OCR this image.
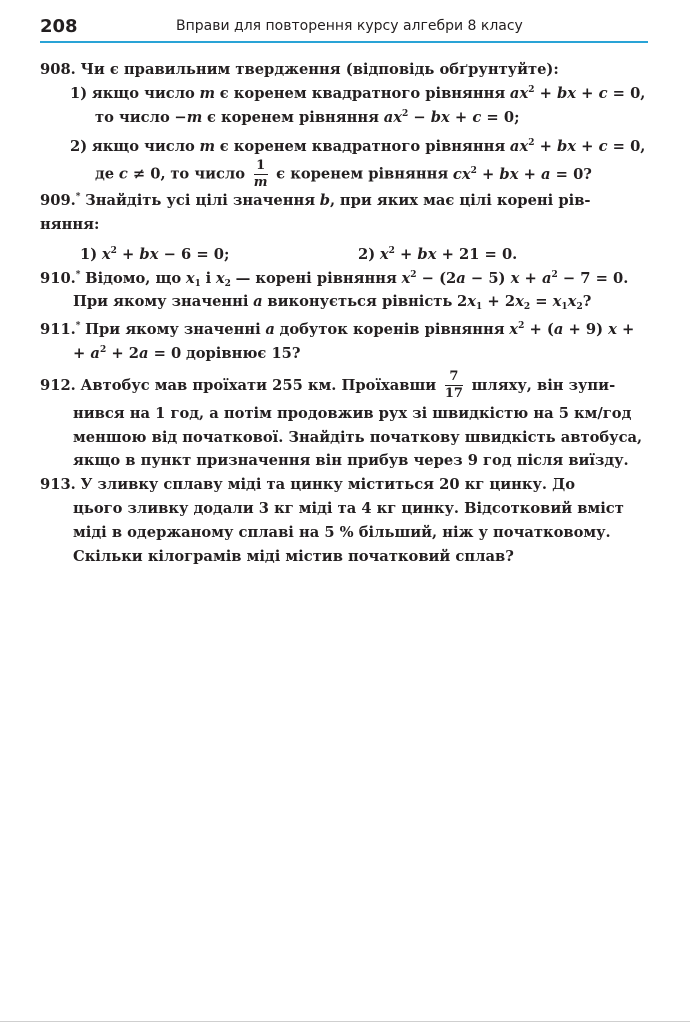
208	Вправи для повторення курсу алгебри 8 класу
908. Чи є правильним твердження (відповідь обґрунтуйте):
1) якщо число m є коренем квадратного рівняння $ax^2$ + bx + c = 0,
то число −m є коренем рівняння $ax^2$ − bx + c = 0;
2) якщо число m є коренем квадратного рівняння $ax^2$ + bx + c = 0,
де c ≠ 0, то число $\frac{1}{m}$ є коренем рівняння $cx^2$ + bx + a = 0?
909.* Знайдіть усі цілі значення b, при яких має цілі корені рів-
няння:
1) $x^2$ + bx − 6 = 0;	2) $x^2$ + bx + 21 = 0.
910.* Відомо, що $x_1$ і $x_2$ — корені рівняння $x^2 - (2a - 5) x + a^2 - 7 = 0$.
При якому значенні a виконується рівність $2x_1 + 2x_2 = x_1x_2$?
911.* При якому значенні a добуток коренів рівняння $x^2 + (a + 9) x$ +
+ $a^2 + 2a = 0$ дорівнює 15?
912. Автобус мав проїхати 255 км. Проїхавши $\frac{7}{17}$ шляху, він зупи-
нився на 1 год, а потім продовжив рух зі швидкістю на 5 км/год
меншою від початкової. Знайдіть початкову швидкість автобуса,
якщо в пункт призначення він прибув через 9 год після виїзду.
913. У зливку сплаву міді та цинку міститься 20 кг цинку. До
цього зливку додали 3 кг міді та 4 кг цинку. Відсотковий вміст
міді в одержаному сплаві на 5 % більший, ніж у початковому.
Скільки кілограмів міді містив початковий сплав?
